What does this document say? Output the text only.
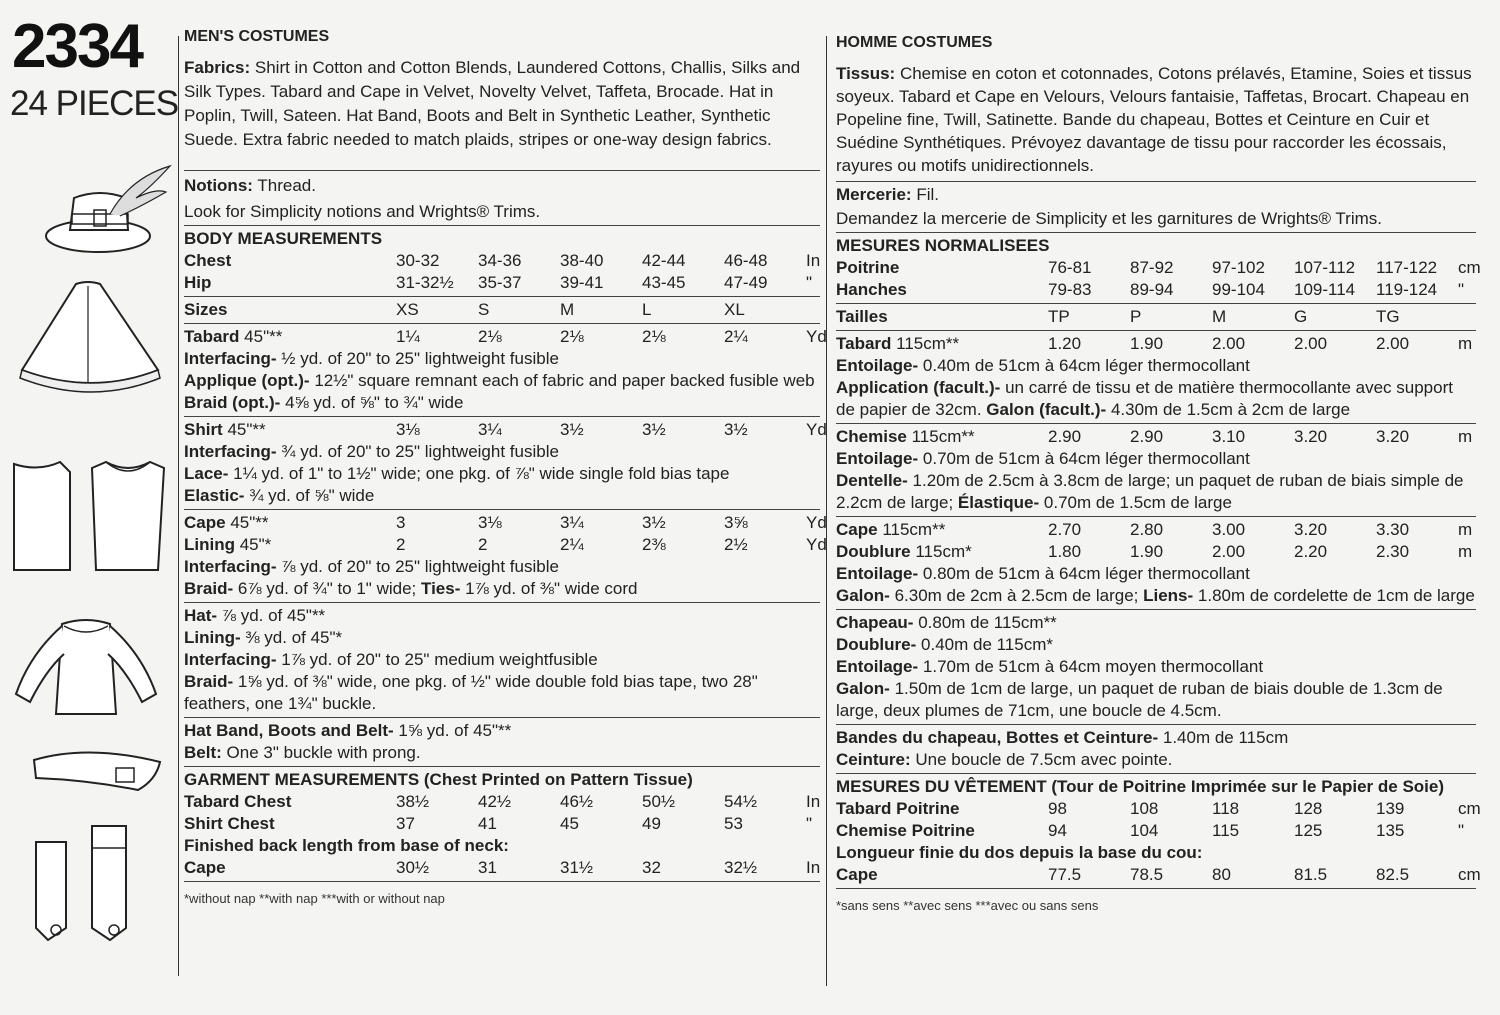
2334
24 PIECES
MEN'S COSTUMES
Fabrics: Shirt in Cotton and Cotton Blends, Laundered Cottons, Challis, Silks and Silk Types. Tabard and Cape in Velvet, Novelty Velvet, Taffeta, Brocade. Hat in Poplin, Twill, Sateen. Hat Band, Boots and Belt in Synthetic Leather, Synthetic Suede. Extra fabric needed to match plaids, stripes or one-way design fabrics.
Notions: Thread.
Look for Simplicity notions and Wrights® Trims.
BODY MEASUREMENTS
Chest	30-32	34-36	38-40	42-44	46-48	In
Hip	31-32½	35-37	39-41	43-45	47-49	"
Sizes	XS	S	M	L	XL
Tabard 45"**	1¼	2⅛	2⅛	2⅛	2¼	Yd
Interfacing- ½ yd. of 20" to 25" lightweight fusible
Applique (opt.)- 12½" square remnant each of fabric and paper backed fusible web
Braid (opt.)- 4⅝ yd. of ⅝" to ¾" wide
Shirt 45"**	3⅛	3¼	3½	3½	3½	Yd
Interfacing- ¾ yd. of 20" to 25" lightweight fusible
Lace- 1¼ yd. of 1" to 1½" wide; one pkg. of ⅞" wide single fold bias tape
Elastic- ¾ yd. of ⅝" wide
Cape 45"**	3	3⅛	3¼	3½	3⅝	Yd
Lining 45"*	2	2	2¼	2⅜	2½	Yd
Interfacing- ⅞ yd. of 20" to 25" lightweight fusible
Braid- 6⅞ yd. of ¾" to 1" wide; Ties- 1⅞ yd. of ⅜" wide cord
Hat- ⅞ yd. of 45"**
Lining- ⅜ yd. of 45"*
Interfacing- 1⅞ yd. of 20" to 25" medium weightfusible
Braid- 1⅝ yd. of ⅜" wide, one pkg. of ½" wide double fold bias tape, two 28"
feathers, one 1¾" buckle.
Hat Band, Boots and Belt- 1⅝ yd. of 45"**
Belt: One 3" buckle with prong.
GARMENT MEASUREMENTS (Chest Printed on Pattern Tissue)
Tabard Chest	38½	42½	46½	50½	54½	In
Shirt Chest	37	41	45	49	53	"
Finished back length from base of neck:
Cape	30½	31	31½	32	32½	In
*without nap **with nap ***with or without nap
HOMME COSTUMES
Tissus: Chemise en coton et cotonnades, Cotons prélavés, Etamine, Soies et tissus soyeux. Tabard et Cape en Velours, Velours fantaisie, Taffetas, Brocart. Chapeau en Popeline fine, Twill, Satinette. Bande du chapeau, Bottes et Ceinture en Cuir et Suédine Synthétiques. Prévoyez davantage de tissu pour raccorder les écossais, rayures ou motifs unidirectionnels.
Mercerie: Fil.
Demandez la mercerie de Simplicity et les garnitures de Wrights® Trims.
MESURES NORMALISEES
Poitrine	76-81	87-92	97-102	107-112	117-122	cm
Hanches	79-83	89-94	99-104	109-114	119-124	"
Tailles	TP	P	M	G	TG
Tabard 115cm**	1.20	1.90	2.00	2.00	2.00	m
Entoilage- 0.40m de 51cm à 64cm léger thermocollant
Application (facult.)- un carré de tissu et de matière thermocollante avec support
de papier de 32cm. Galon (facult.)- 4.30m de 1.5cm à 2cm de large
Chemise 115cm**	2.90	2.90	3.10	3.20	3.20	m
Entoilage- 0.70m de 51cm à 64cm léger thermocollant
Dentelle- 1.20m de 2.5cm à 3.8cm de large; un paquet de ruban de biais simple de
2.2cm de large; Élastique- 0.70m de 1.5cm de large
Cape 115cm**	2.70	2.80	3.00	3.20	3.30	m
Doublure 115cm*	1.80	1.90	2.00	2.20	2.30	m
Entoilage- 0.80m de 51cm à 64cm léger thermocollant
Galon- 6.30m de 2cm à 2.5cm de large; Liens- 1.80m de cordelette de 1cm de large
Chapeau- 0.80m de 115cm**
Doublure- 0.40m de 115cm*
Entoilage- 1.70m de 51cm à 64cm moyen thermocollant
Galon- 1.50m de 1cm de large, un paquet de ruban de biais double de 1.3cm de
large, deux plumes de 71cm, une boucle de 4.5cm.
Bandes du chapeau, Bottes et Ceinture- 1.40m de 115cm
Ceinture: Une boucle de 7.5cm avec pointe.
MESURES DU VÊTEMENT (Tour de Poitrine Imprimée sur le Papier de Soie)
Tabard Poitrine	98	108	118	128	139	cm
Chemise Poitrine	94	104	115	125	135	"
Longueur finie du dos depuis la base du cou:
Cape	77.5	78.5	80	81.5	82.5	cm
*sans sens **avec sens ***avec ou sans sens
